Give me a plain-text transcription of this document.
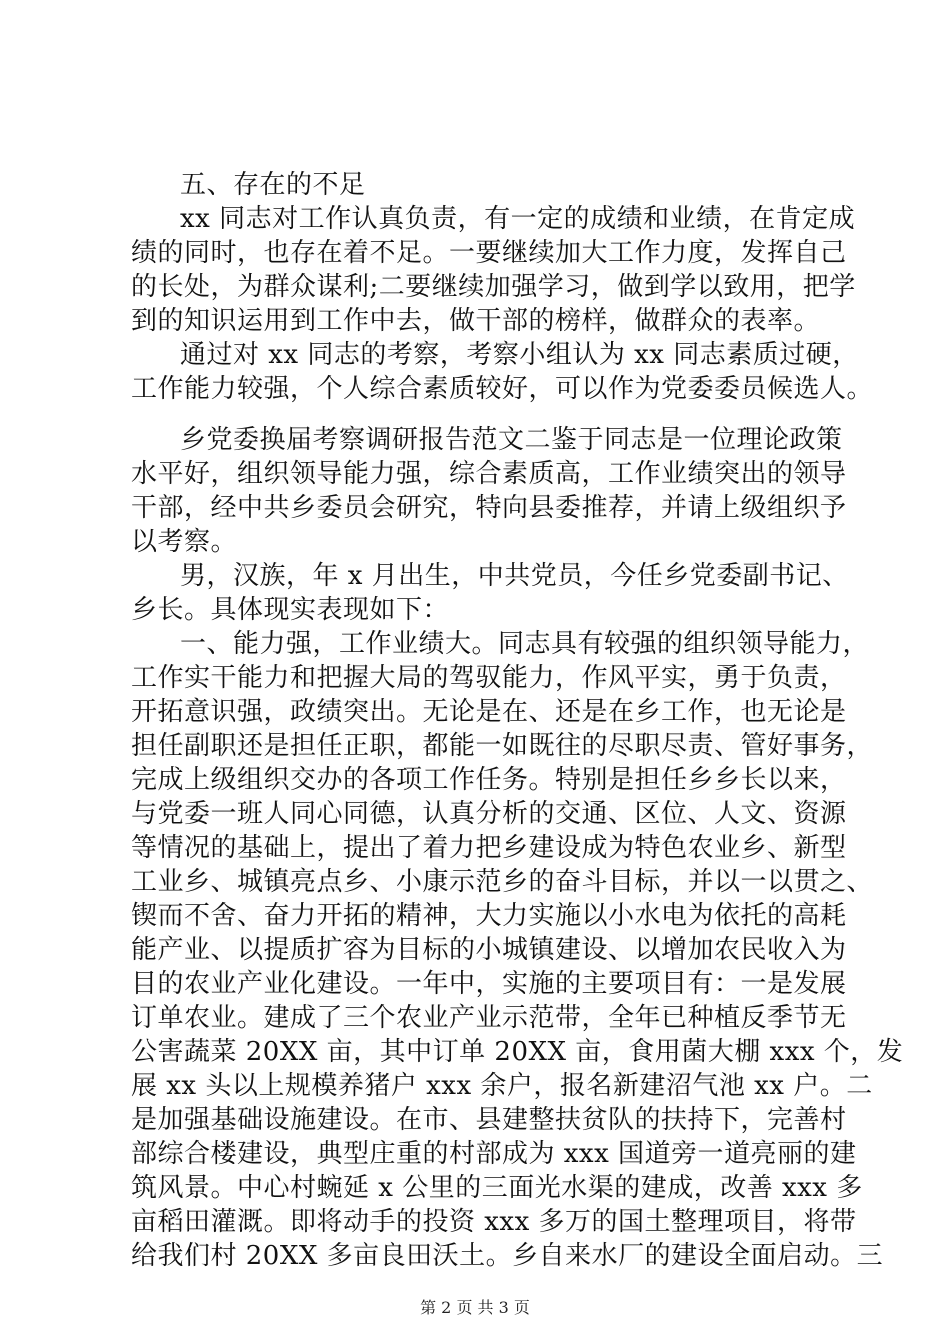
五、存在的不足
xx 同志对工作认真负责，有一定的成绩和业绩，在肯定成
绩的同时，也存在着不足。一要继续加大工作力度，发挥自己
的长处，为群众谋利;二要继续加强学习，做到学以致用，把学
到的知识运用到工作中去，做干部的榜样，做群众的表率。
通过对 xx 同志的考察，考察小组认为 xx 同志素质过硬，
工作能力较强，个人综合素质较好，可以作为党委委员候选人。
乡党委换届考察调研报告范文二鉴于同志是一位理论政策
水平好，组织领导能力强，综合素质高，工作业绩突出的领导
干部，经中共乡委员会研究，特向县委推荐，并请上级组织予
以考察。
男，汉族，年 x 月出生，中共党员，今任乡党委副书记、
乡长。具体现实表现如下：
一、能力强，工作业绩大。同志具有较强的组织领导能力，
工作实干能力和把握大局的驾驭能力，作风平实，勇于负责，
开拓意识强，政绩突出。无论是在、还是在乡工作，也无论是
担任副职还是担任正职，都能一如既往的尽职尽责、管好事务，
完成上级组织交办的各项工作任务。特别是担任乡乡长以来，
与党委一班人同心同德，认真分析的交通、区位、人文、资源
等情况的基础上，提出了着力把乡建设成为特色农业乡、新型
工业乡、城镇亮点乡、小康示范乡的奋斗目标，并以一以贯之、
锲而不舍、奋力开拓的精神，大力实施以小水电为依托的高耗
能产业、以提质扩容为目标的小城镇建设、以增加农民收入为
目的农业产业化建设。一年中，实施的主要项目有：一是发展
订单农业。建成了三个农业产业示范带，全年已种植反季节无
公害蔬菜 20XX 亩，其中订单 20XX 亩，食用菌大棚 xxx 个，发
展 xx 头以上规模养猪户 xxx 余户，报名新建沼气池 xx 户。二
是加强基础设施建设。在市、县建整扶贫队的扶持下，完善村
部综合楼建设，典型庄重的村部成为 xxx 国道旁一道亮丽的建
筑风景。中心村蜿延 x 公里的三面光水渠的建成，改善 xxx 多
亩稻田灌溉。即将动手的投资 xxx 多万的国土整理项目，将带
给我们村 20XX 多亩良田沃土。乡自来水厂的建设全面启动。三
第 2 页 共 3 页
